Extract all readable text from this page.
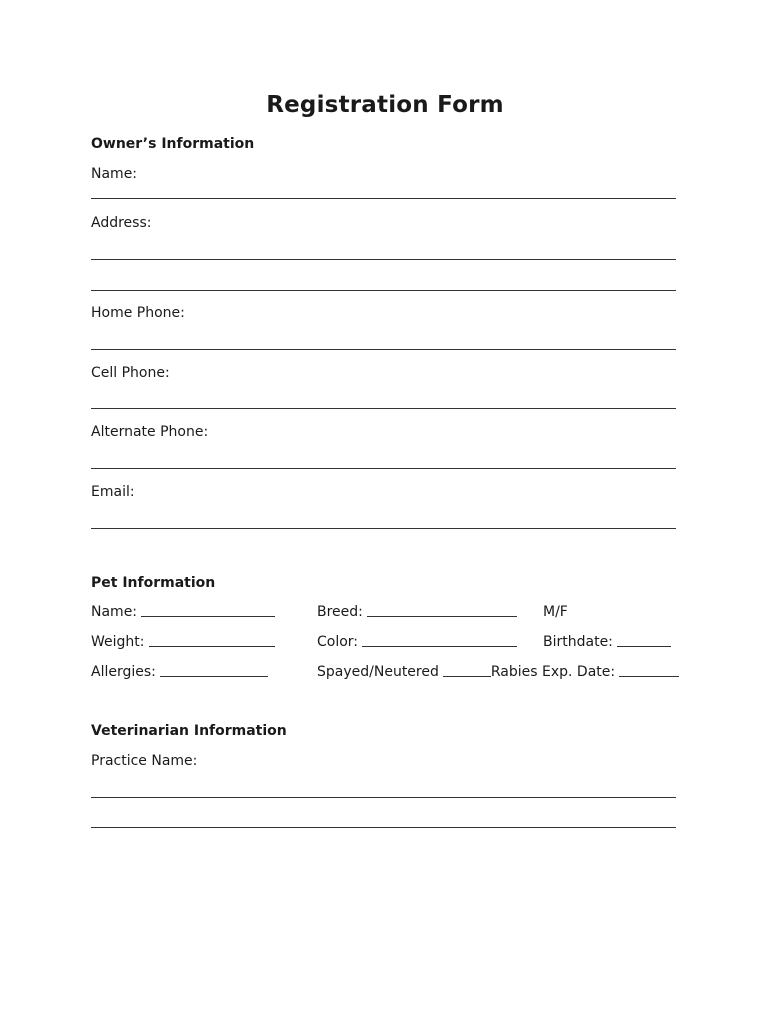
Registration Form
Owner’s Information
Name:
Address:
Home Phone:
Cell Phone:
Alternate Phone:
Email:
Pet Information
Name:	Breed:	M/F
Weight:	Color:	Birthdate:
Allergies:	Spayed/Neutered	Rabies Exp. Date:
Veterinarian Information
Practice Name:
